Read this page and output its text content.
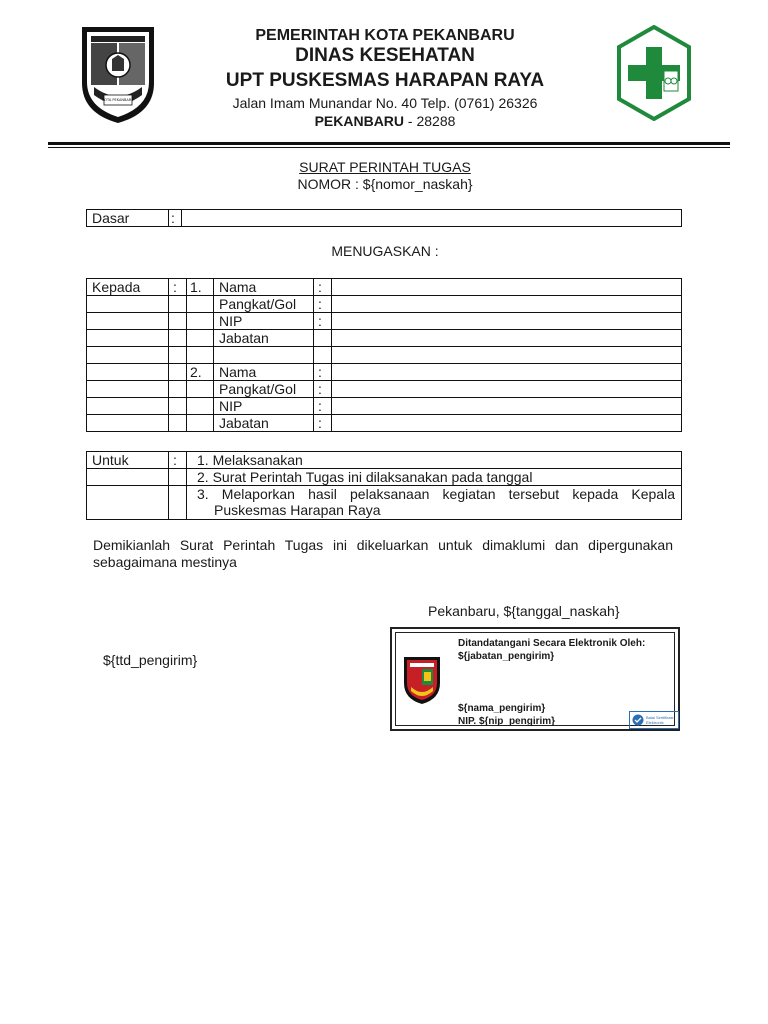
KOTA PEKANBARU
PEMERINTAH KOTA PEKANBARU
DINAS KESEHATAN
UPT PUSKESMAS HARAPAN RAYA
Jalan Imam Munandar No. 40 Telp. (0761) 26326
PEKANBARU - 28288
SURAT PERINTAH TUGAS
NOMOR : ${nomor_naskah}
Dasar	:	
MENUGASKAN :
Kepada	:	1.	Nama	:	
			Pangkat/Gol	:	
			NIP	:	
			Jabatan		

		2.	Nama	:	
			Pangkat/Gol	:	
			NIP	:	
			Jabatan	:	
Untuk	:	1. Melaksanakan
		2. Surat Perintah Tugas ini dilaksanakan pada tanggal

		3. Melaporkan hasil pelaksanaan kegiatan tersebut kepada Kepala
Puskesmas Harapan Raya
Demikianlah Surat Perintah Tugas ini dikeluarkan untuk dimaklumi dan dipergunakan sebagaimana mestinya
Pekanbaru, ${tanggal_naskah}
${ttd_pengirim}
Ditandatangani Secara Elektronik Oleh:
${jabatan_pengirim}
${nama_pengirim}
NIP. ${nip_pengirim}	Balai Sertifikasi Elektronik
